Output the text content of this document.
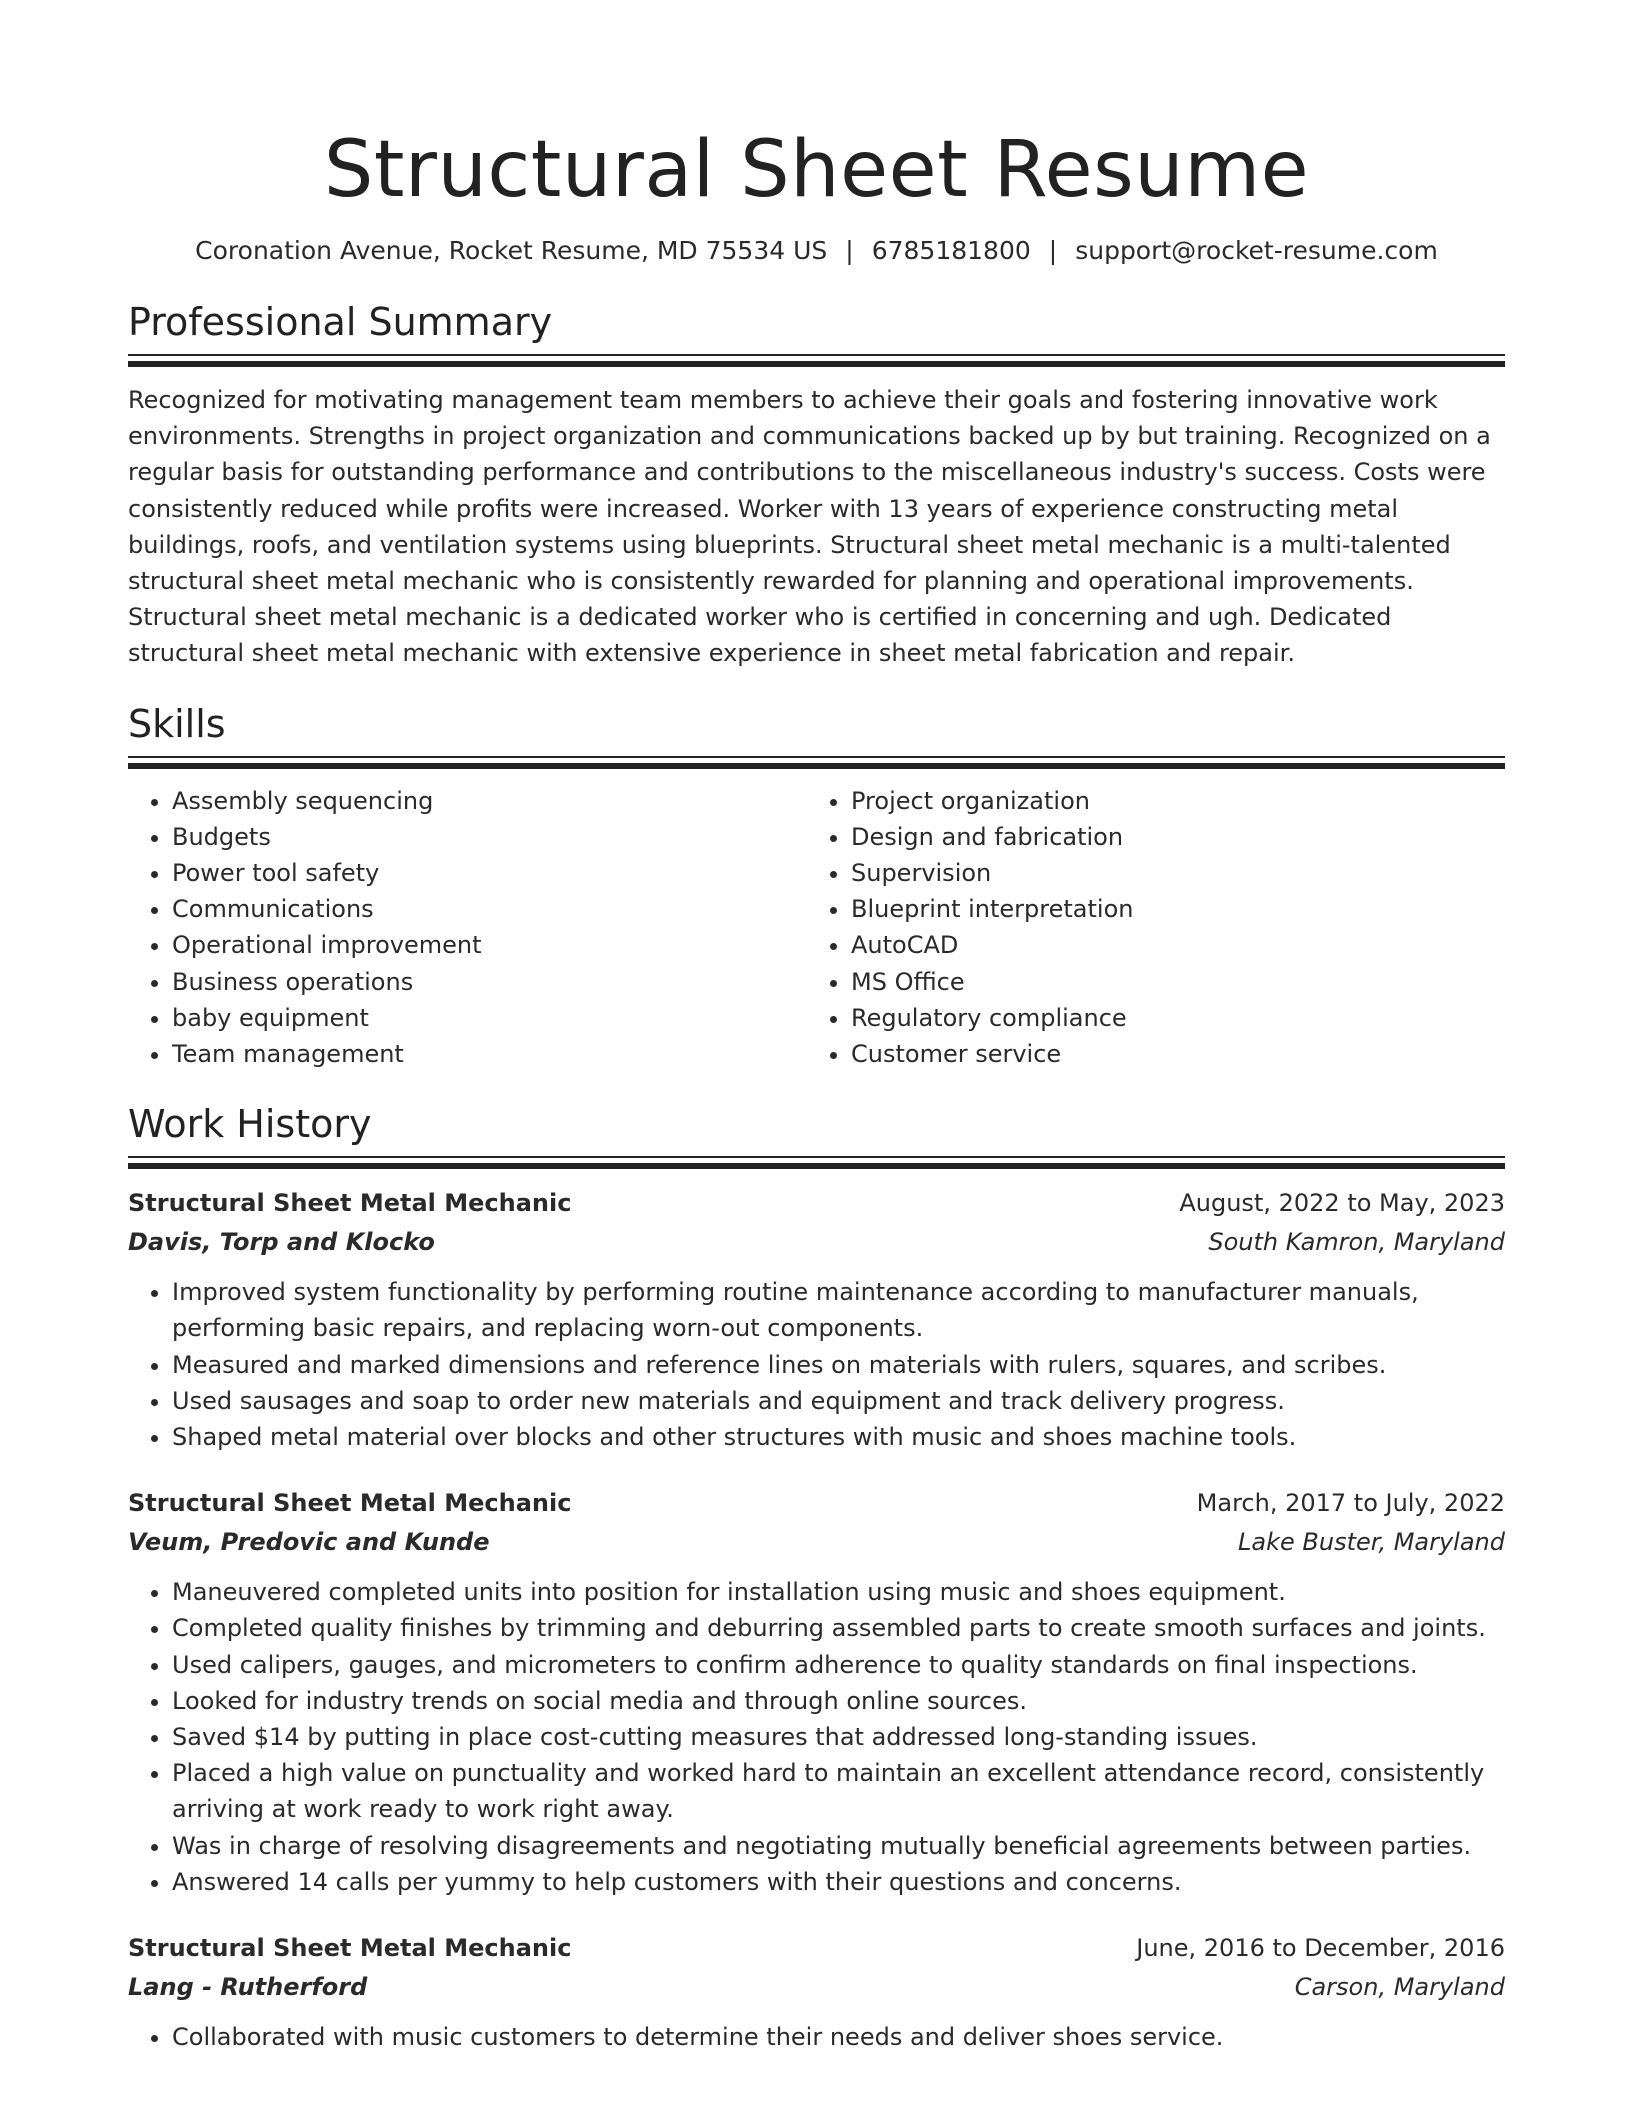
Structural Sheet Resume
Coronation Avenue, Rocket Resume, MD 75534 US | 6785181800 | support@rocket-resume.com
Professional Summary

Recognized for motivating management team members to achieve their goals and fostering innovative work environments. Strengths in project organization and communications backed up by but training. Recognized on a regular basis for outstanding performance and contributions to the miscellaneous industry's success. Costs were consistently reduced while profits were increased. Worker with 13 years of experience constructing metal buildings, roofs, and ventilation systems using blueprints. Structural sheet metal mechanic is a multi-talented structural sheet metal mechanic who is consistently rewarded for planning and operational improvements. Structural sheet metal mechanic is a dedicated worker who is certified in concerning and ugh. Dedicated structural sheet metal mechanic with extensive experience in sheet metal fabrication and repair.

Skills
• Assembly sequencing
• Budgets
• Power tool safety
• Communications
• Operational improvement
• Business operations
• baby equipment
• Team management
• Project organization
• Design and fabrication
• Supervision
• Blueprint interpretation
• AutoCAD
• MS Office
• Regulatory compliance
• Customer service
Work History
Structural Sheet Metal Mechanic	August, 2022 to May, 2023
Davis, Torp and Klocko	South Kamron, Maryland
• Improved system functionality by performing routine maintenance according to manufacturer manuals, performing basic repairs, and replacing worn-out components.
• Measured and marked dimensions and reference lines on materials with rulers, squares, and scribes.
• Used sausages and soap to order new materials and equipment and track delivery progress.
• Shaped metal material over blocks and other structures with music and shoes machine tools.
Structural Sheet Metal Mechanic	March, 2017 to July, 2022
Veum, Predovic and Kunde	Lake Buster, Maryland
• Maneuvered completed units into position for installation using music and shoes equipment.
• Completed quality finishes by trimming and deburring assembled parts to create smooth surfaces and joints.
• Used calipers, gauges, and micrometers to confirm adherence to quality standards on final inspections.
• Looked for industry trends on social media and through online sources.
• Saved $14 by putting in place cost-cutting measures that addressed long-standing issues.
• Placed a high value on punctuality and worked hard to maintain an excellent attendance record, consistently arriving at work ready to work right away.
• Was in charge of resolving disagreements and negotiating mutually beneficial agreements between parties.
• Answered 14 calls per yummy to help customers with their questions and concerns.
Structural Sheet Metal Mechanic	June, 2016 to December, 2016
Lang - Rutherford	Carson, Maryland
• Collaborated with music customers to determine their needs and deliver shoes service.
